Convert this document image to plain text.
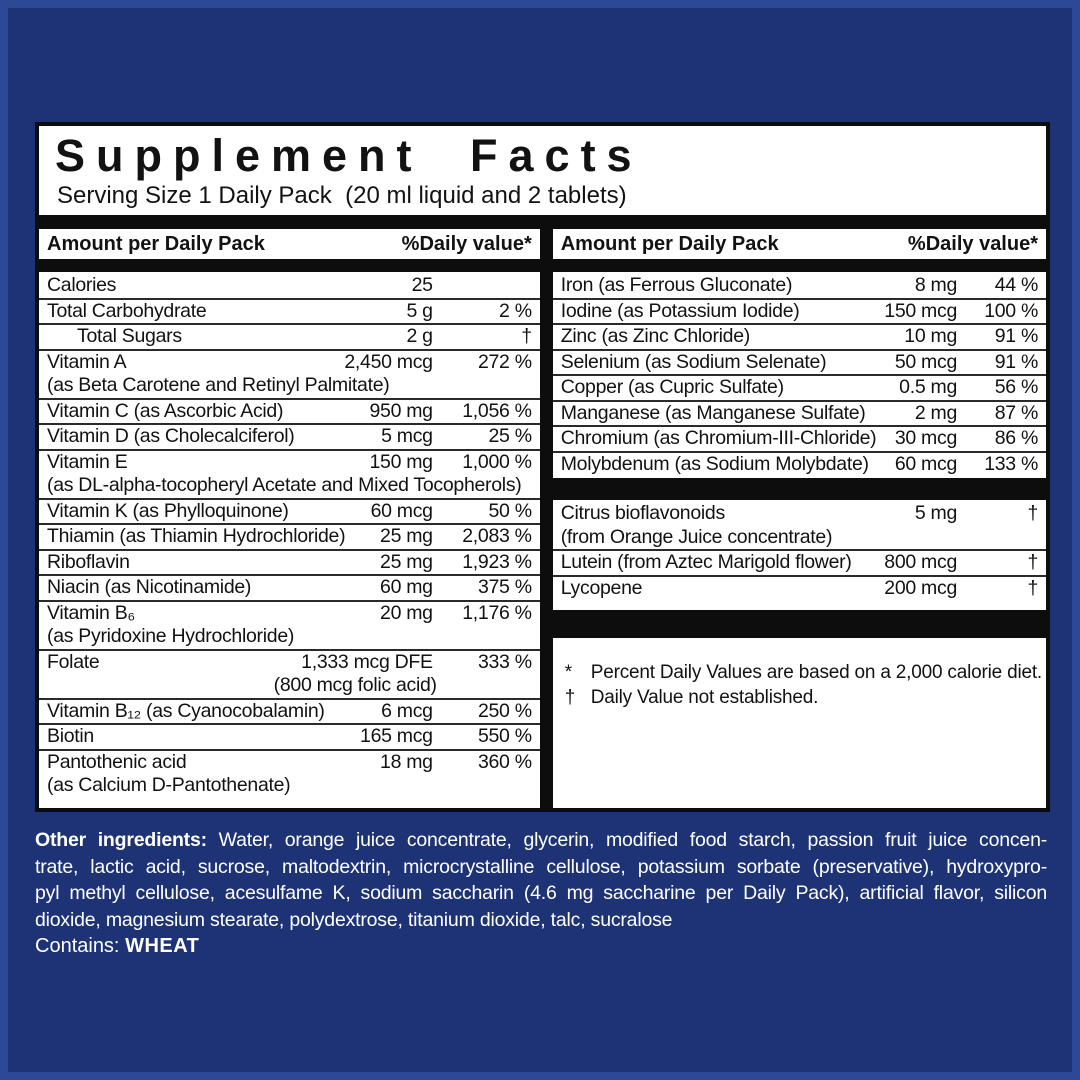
Supplement Facts
Serving Size 1 Daily Pack  (20 ml liquid and 2 tablets)
Amount per Daily Pack	%Daily value*
Calories	25
Total Carbohydrate	5 g	2 %
Total Sugars	2 g	†
Vitamin A	2,450 mcg 272 %
(as Beta Carotene and Retinyl Palmitate)
Vitamin C (as Ascorbic Acid)	950 mg 1,056 %
Vitamin D (as Cholecalciferol)	5 mcg	25 %
Vitamin E	150 mg 1,000 %
(as DL-alpha-tocopheryl Acetate and Mixed Tocopherols)
Vitamin K (as Phylloquinone)	60 mcg	50 %
Thiamin (as Thiamin Hydrochloride) 25 mg 2,083 %
Riboflavin	25 mg 1,923 %
Niacin (as Nicotinamide)	60 mg 375 %
Vitamin B₆	20 mg 1,176 %
(as Pyridoxine Hydrochloride)
Folate	1,333 mcg DFE 333 %
(800 mcg folic acid)
Vitamin B₁₂ (as Cyanocobalamin)	6 mcg 250 %
Biotin	165 mcg 550 %
Pantothenic acid	18 mg 360 %
(as Calcium D-Pantothenate)
Amount per Daily Pack	%Daily value*
Iron (as Ferrous Gluconate)	8 mg 44 %
Iodine (as Potassium Iodide)	150 mcg 100 %
Zinc (as Zinc Chloride)	10 mg 91 %
Selenium (as Sodium Selenate)	50 mcg 91 %
Copper (as Cupric Sulfate)	0.5 mg 56 %
Manganese (as Manganese Sulfate)	2 mg 87 %
Chromium (as Chromium-III-Chloride) 30 mcg 86 %
Molybdenum (as Sodium Molybdate) 60 mcg 133 %
Citrus bioflavonoids	5 mg	†
(from Orange Juice concentrate)
Lutein (from Aztec Marigold flower) 800 mcg	†
Lycopene	200 mcg	†
* Percent Daily Values are based on a 2,000 calorie diet.
† Daily Value not established.
Other ingredients: Water, orange juice concentrate, glycerin, modified food starch, passion fruit juice concen-
trate, lactic acid, sucrose, maltodextrin, microcrystalline cellulose, potassium sorbate (preservative), hydroxypro-
pyl methyl cellulose, acesulfame K, sodium saccharin (4.6 mg saccharine per Daily Pack), artificial flavor, silicon
dioxide, magnesium stearate, polydextrose, titanium dioxide, talc, sucralose
Contains: WHEAT
